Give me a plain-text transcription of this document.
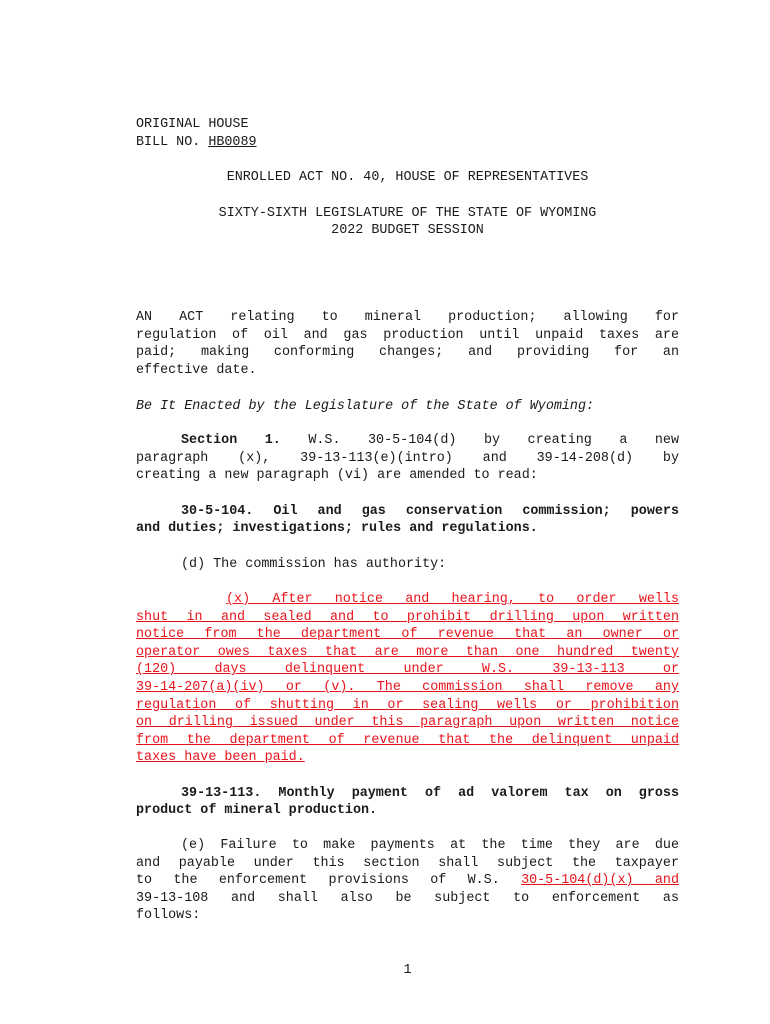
ORIGINAL HOUSE
BILL NO. HB0089
ENROLLED ACT NO. 40, HOUSE OF REPRESENTATIVES
SIXTY-SIXTH LEGISLATURE OF THE STATE OF WYOMING
2022 BUDGET SESSION
AN ACT relating to mineral production; allowing for
regulation of oil and gas production until unpaid taxes are
paid; making conforming changes; and providing for an
effective date.
Be It Enacted by the Legislature of the State of Wyoming:
Section 1. W.S. 30-5-104(d) by creating a new
paragraph (x), 39-13-113(e)(intro) and 39-14-208(d) by
creating a new paragraph (vi) are amended to read:
30-5-104. Oil and gas conservation commission; powers
and duties; investigations; rules and regulations.
(d) The commission has authority:
(x) After notice and hearing, to order wells
shut in and sealed and to prohibit drilling upon written
notice from the department of revenue that an owner or
operator owes taxes that are more than one hundred twenty
(120) days delinquent under W.S. 39-13-113 or
39-14-207(a)(iv) or (v). The commission shall remove any
regulation of shutting in or sealing wells or prohibition
on drilling issued under this paragraph upon written notice
from the department of revenue that the delinquent unpaid
taxes have been paid.
39-13-113. Monthly payment of ad valorem tax on gross
product of mineral production.
(e) Failure to make payments at the time they are due
and payable under this section shall subject the taxpayer
to the enforcement provisions of W.S. 30-5-104(d)(x) and
39-13-108 and shall also be subject to enforcement as
follows:
1
